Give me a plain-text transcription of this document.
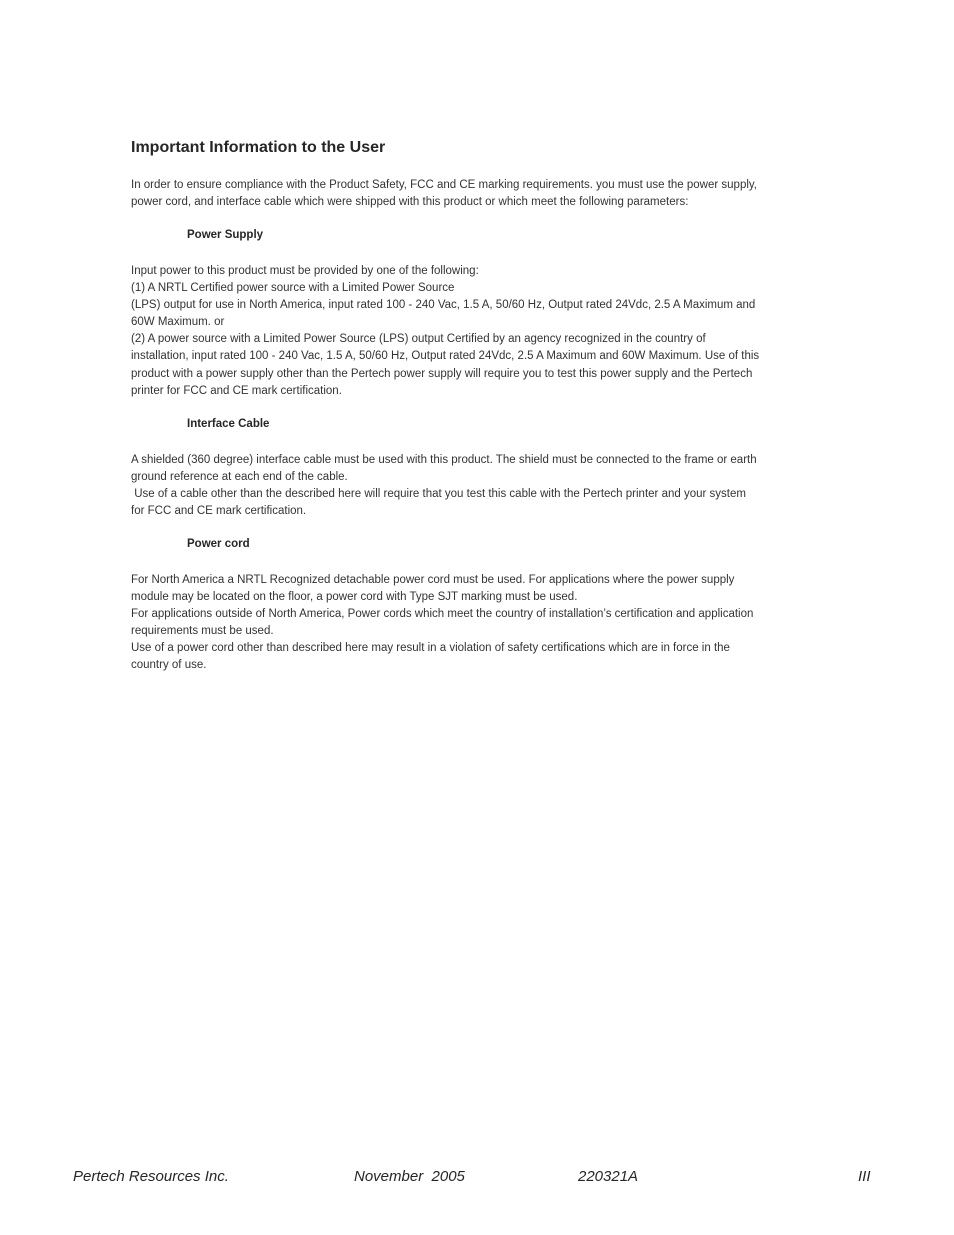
Important Information to the User

In order to ensure compliance with the Product Safety, FCC and CE marking requirements. you must use the power supply,
power cord, and interface cable which were shipped with this product or which meet the following parameters:

Power Supply

Input power to this product must be provided by one of the following:
(1) A NRTL Certified power source with a Limited Power Source
(LPS) output for use in North America, input rated 100 - 240 Vac, 1.5 A, 50/60 Hz, Output rated 24Vdc, 2.5 A Maximum and
60W Maximum. or
(2) A power source with a Limited Power Source (LPS) output Certified by an agency recognized in the country of
installation, input rated 100 - 240 Vac, 1.5 A, 50/60 Hz, Output rated 24Vdc, 2.5 A Maximum and 60W Maximum. Use of this
product with a power supply other than the Pertech power supply will require you to test this power supply and the Pertech
printer for FCC and CE mark certification.

Interface Cable

A shielded (360 degree) interface cable must be used with this product. The shield must be connected to the frame or earth
ground reference at each end of the cable.
Use of a cable other than the described here will require that you test this cable with the Pertech printer and your system
for FCC and CE mark certification.

Power cord

For North America a NRTL Recognized detachable power cord must be used. For applications where the power supply
module may be located on the floor, a power cord with Type SJT marking must be used.
For applications outside of North America, Power cords which meet the country of installation’s certification and application
requirements must be used.
Use of a power cord other than described here may result in a violation of safety certifications which are in force in the
country of use.

Pertech Resources Inc.	November  2005	220321A	III
